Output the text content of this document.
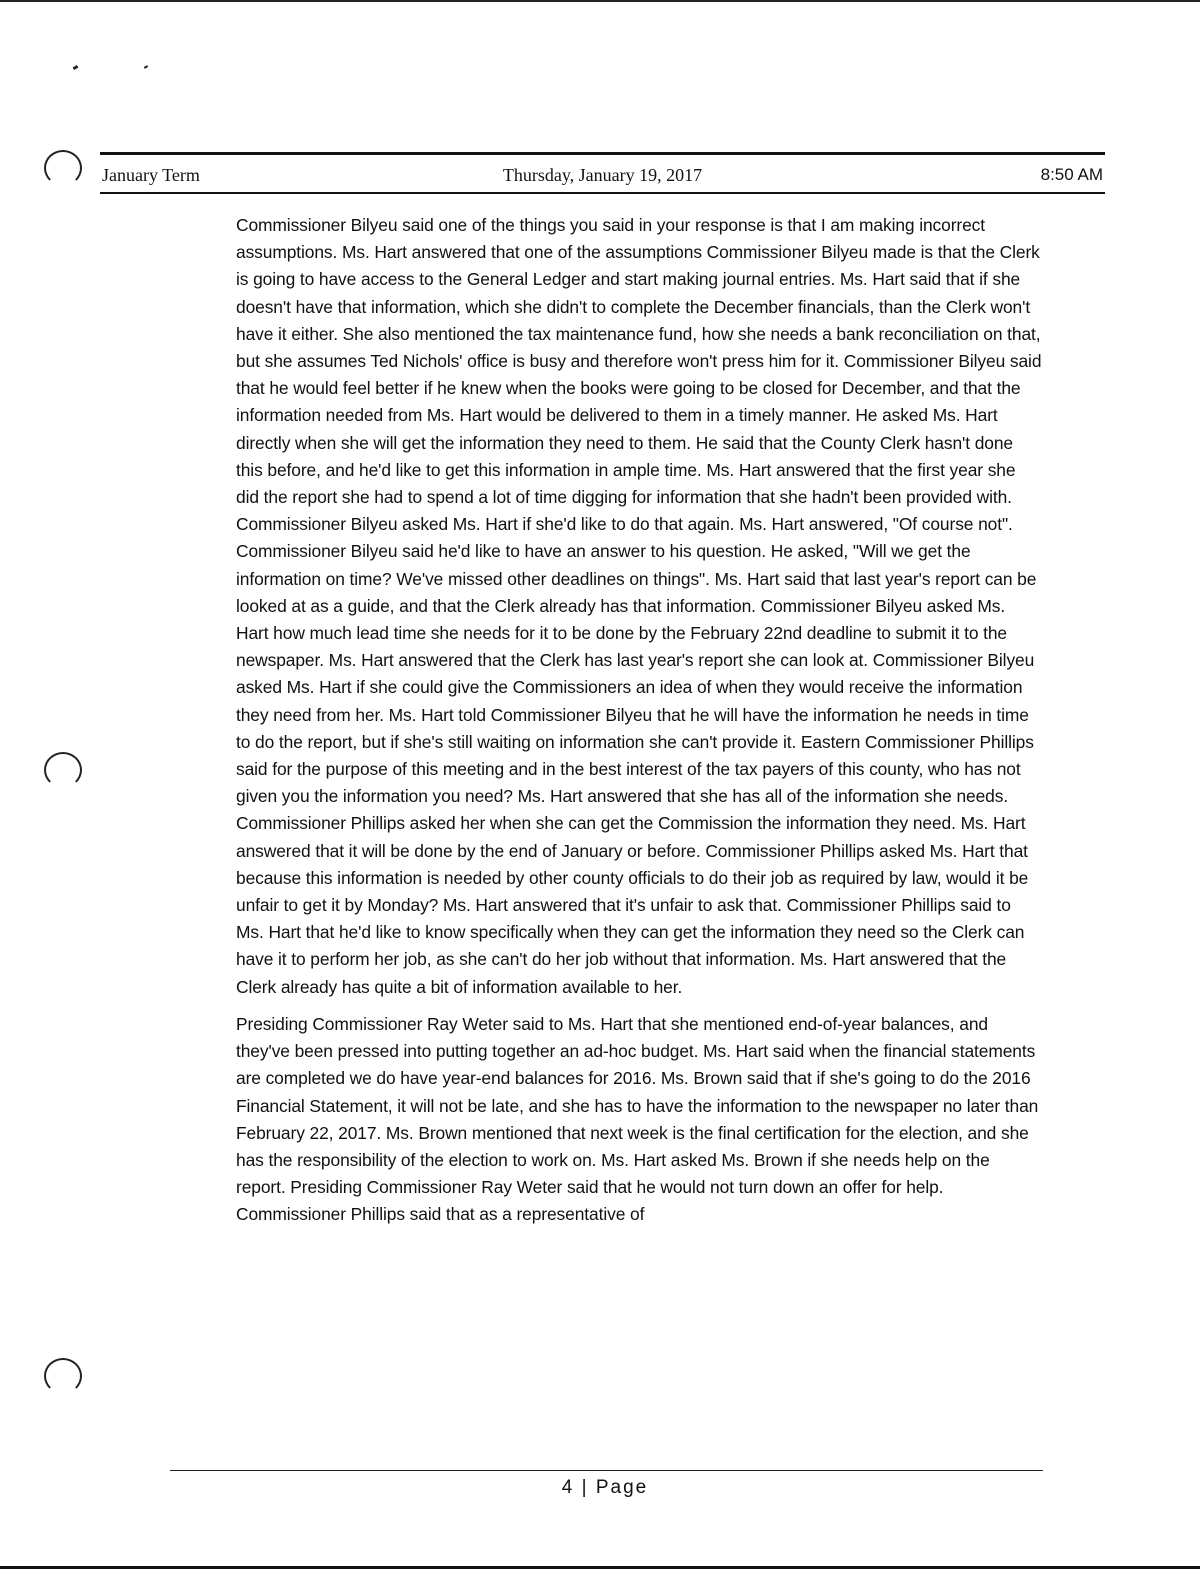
January Term	Thursday, January 19, 2017	8:50 AM

Commissioner Bilyeu said one of the things you said in your response is that I am making incorrect assumptions. Ms. Hart answered that one of the assumptions Commissioner Bilyeu made is that the Clerk is going to have access to the General Ledger and start making journal entries. Ms. Hart said that if she doesn't have that information, which she didn't to complete the December financials, than the Clerk won't have it either. She also mentioned the tax maintenance fund, how she needs a bank reconciliation on that, but she assumes Ted Nichols' office is busy and therefore won't press him for it. Commissioner Bilyeu said that he would feel better if he knew when the books were going to be closed for December, and that the information needed from Ms. Hart would be delivered to them in a timely manner. He asked Ms. Hart directly when she will get the information they need to them. He said that the County Clerk hasn't done this before, and he'd like to get this information in ample time. Ms. Hart answered that the first year she did the report she had to spend a lot of time digging for information that she hadn't been provided with. Commissioner Bilyeu asked Ms. Hart if she'd like to do that again. Ms. Hart answered, "Of course not". Commissioner Bilyeu said he'd like to have an answer to his question. He asked, "Will we get the information on time? We've missed other deadlines on things". Ms. Hart said that last year's report can be looked at as a guide, and that the Clerk already has that information. Commissioner Bilyeu asked Ms. Hart how much lead time she needs for it to be done by the February 22nd deadline to submit it to the newspaper. Ms. Hart answered that the Clerk has last year's report she can look at. Commissioner Bilyeu asked Ms. Hart if she could give the Commissioners an idea of when they would receive the information they need from her. Ms. Hart told Commissioner Bilyeu that he will have the information he needs in time to do the report, but if she's still waiting on information she can't provide it. Eastern Commissioner Phillips said for the purpose of this meeting and in the best interest of the tax payers of this county, who has not given you the information you need? Ms. Hart answered that she has all of the information she needs. Commissioner Phillips asked her when she can get the Commission the information they need. Ms. Hart answered that it will be done by the end of January or before. Commissioner Phillips asked Ms. Hart that because this information is needed by other county officials to do their job as required by law, would it be unfair to get it by Monday? Ms. Hart answered that it's unfair to ask that. Commissioner Phillips said to Ms. Hart that he'd like to know specifically when they can get the information they need so the Clerk can have it to perform her job, as she can't do her job without that information. Ms. Hart answered that the Clerk already has quite a bit of information available to her.

Presiding Commissioner Ray Weter said to Ms. Hart that she mentioned end-of-year balances, and they've been pressed into putting together an ad-hoc budget. Ms. Hart said when the financial statements are completed we do have year-end balances for 2016. Ms. Brown said that if she's going to do the 2016 Financial Statement, it will not be late, and she has to have the information to the newspaper no later than February 22, 2017. Ms. Brown mentioned that next week is the final certification for the election, and she has the responsibility of the election to work on. Ms. Hart asked Ms. Brown if she needs help on the report. Presiding Commissioner Ray Weter said that he would not turn down an offer for help. Commissioner Phillips said that as a representative of

4 | Page
